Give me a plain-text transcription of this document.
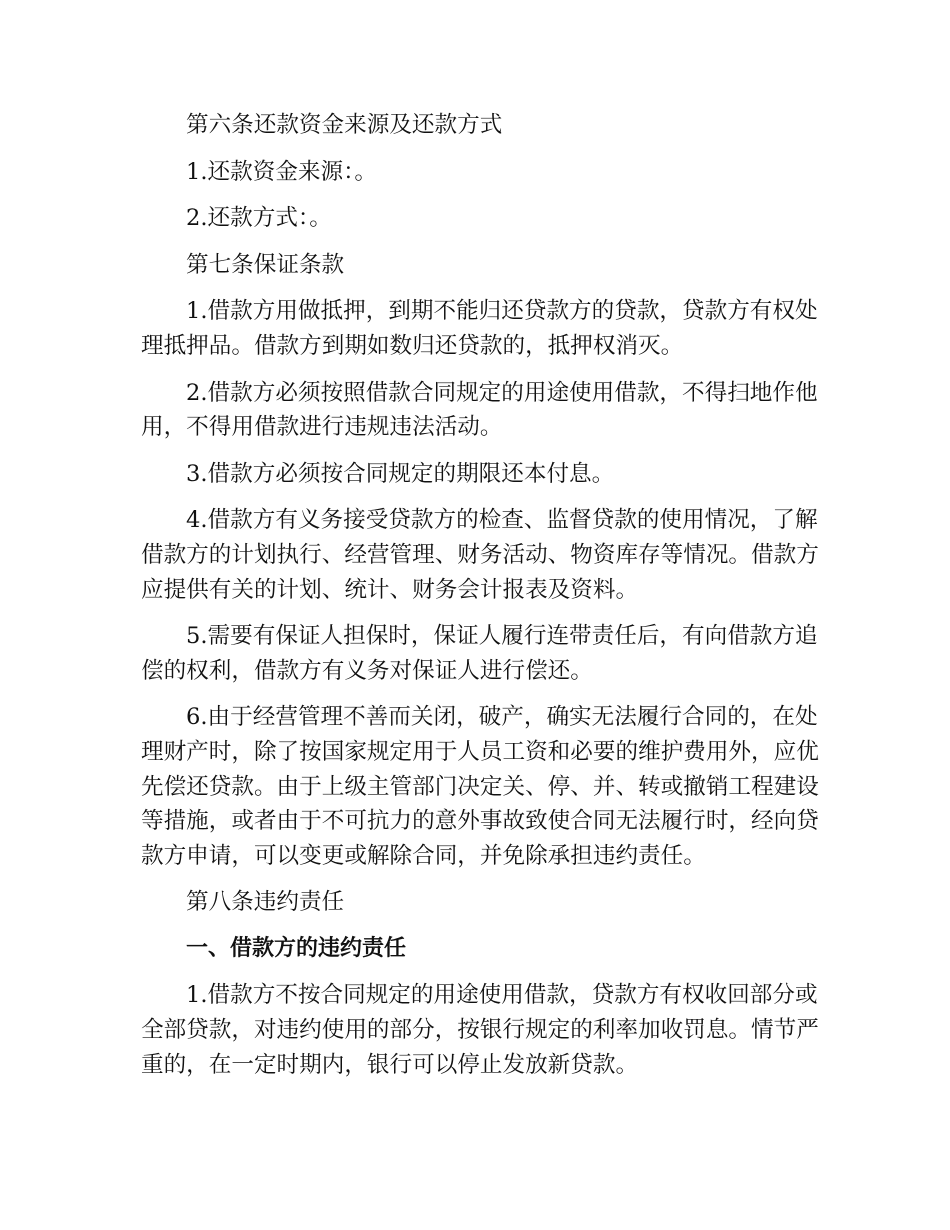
第六条还款资金来源及还款方式

1.还款资金来源：。

2.还款方式：。

第七条保证条款

1.借款方用做抵押，到期不能归还贷款方的贷款，贷款方有权处理抵押品。借款方到期如数归还贷款的，抵押权消灭。

2.借款方必须按照借款合同规定的用途使用借款，不得扫地作他用，不得用借款进行违规违法活动。

3.借款方必须按合同规定的期限还本付息。

4.借款方有义务接受贷款方的检查、监督贷款的使用情况，了解借款方的计划执行、经营管理、财务活动、物资库存等情况。借款方应提供有关的计划、统计、财务会计报表及资料。

5.需要有保证人担保时，保证人履行连带责任后，有向借款方追偿的权利，借款方有义务对保证人进行偿还。

6.由于经营管理不善而关闭，破产，确实无法履行合同的，在处理财产时，除了按国家规定用于人员工资和必要的维护费用外，应优先偿还贷款。由于上级主管部门决定关、停、并、转或撤销工程建设等措施，或者由于不可抗力的意外事故致使合同无法履行时，经向贷款方申请，可以变更或解除合同，并免除承担违约责任。

第八条违约责任

一、借款方的违约责任

1.借款方不按合同规定的用途使用借款，贷款方有权收回部分或全部贷款，对违约使用的部分，按银行规定的利率加收罚息。情节严重的，在一定时期内，银行可以停止发放新贷款。
